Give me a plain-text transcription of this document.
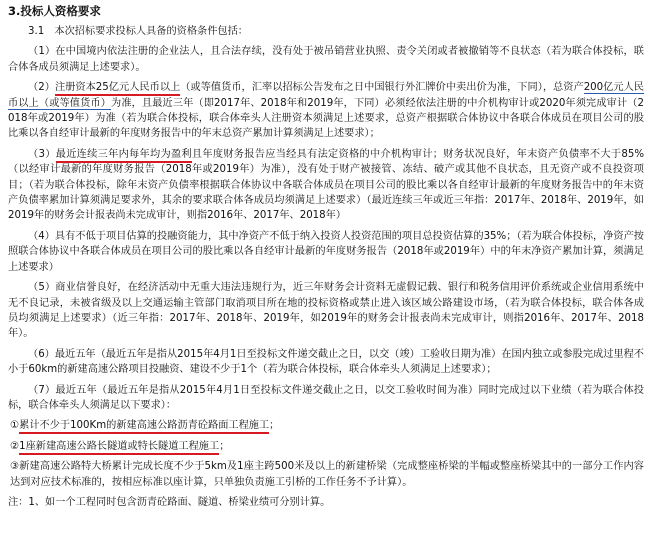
3.投标人资格要求

3.1　本次招标要求投标人具备的资格条件包括：

（1）在中国境内依法注册的企业法人，且合法存续，没有处于被吊销营业执照、责令关闭或者被撤销等不良状态（若为联合体投标，联合体各成员须满足上述要求）。

（2）注册资本25亿元人民币以上（或等值货币，汇率以招标公告发布之日中国银行外汇牌价中卖出价为准，下同），总资产200亿元人民币以上（或等值货币）为准，且最近三年（即2017年、2018年和2019年，下同）必须经依法注册的中介机构审计或2020年须完成审计（2018年或2019年）为准（若为联合体投标，联合体牵头人注册资本须满足上述要求，总资产根据联合体协议中各联合体成员在项目公司的股比乘以各自经审计最新的年度财务报告中的年末总资产累加计算须满足上述要求）；

（3）最近连续三年内每年均为盈利且年度财务报告应当经具有法定资格的中介机构审计；财务状况良好，年末资产负债率不大于85%（以经审计最新的年度财务报告（2018年或2019年）为准），没有处于财产被接管、冻结、破产或其他不良状态，且无资产或不良投资项目；（若为联合体投标，除年末资产负债率根据联合体协议中各联合体成员在项目公司的股比乘以各自经审计最新的年度财务报告中的年末资产负债率累加计算须满足要求外，其余的要求联合体各成员均须满足上述要求）（最近连续三年或近三年指：2017年、2018年、2019年，如2019年的财务会计报表尚未完成审计，则指2016年、2017年、2018年）

（4）具有不低于项目估算的投融资能力，其中净资产不低于纳入投资人投资范围的项目总投资估算的35%；（若为联合体投标，净资产按照联合体协议中各联合体成员在项目公司的股比乘以各自经审计最新的年度财务报告（2018年或2019年）中的年末净资产累加计算，须满足上述要求）

（5）商业信誉良好，在经济活动中无重大违法违规行为，近三年财务会计资料无虚假记载、银行和税务信用评价系统或企业信用系统中无不良记录，未被省级及以上交通运输主管部门取消项目所在地的投标资格或禁止进入该区域公路建设市场，（若为联合体投标，联合体各成员均须满足上述要求）（近三年指：2017年、2018年、2019年，如2019年的财务会计报表尚未完成审计，则指2016年、2017年、2018年）。

（6）最近五年（最近五年是指从2015年4月1日至投标文件递交截止之日，以交（竣）工验收日期为准）在国内独立或参股完成过里程不小于60km的新建高速公路项目投融资、建设不少于1个（若为联合体投标，联合体牵头人须满足上述要求）；

（7）最近五年（最近五年是指从2015年4月1日至投标文件递交截止之日，以交工验收时间为准）同时完成过以下业绩（若为联合体投标，联合体牵头人须满足以下要求）：

①累计不少于100Km的新建高速公路沥青砼路面工程施工；

②1座新建高速公路长隧道或特长隧道工程施工；

③新建高速公路特大桥累计完成长度不少于5km及1座主跨500米及以上的新建桥梁（完成整座桥梁的半幅或整座桥梁其中的一部分工作内容达到对应技术标准的，按相应标准以座计算，只单独负责施工引桥的工作任务不予计算）。

注：1、如一个工程同时包含沥青砼路面、隧道、桥梁业绩可分别计算。
